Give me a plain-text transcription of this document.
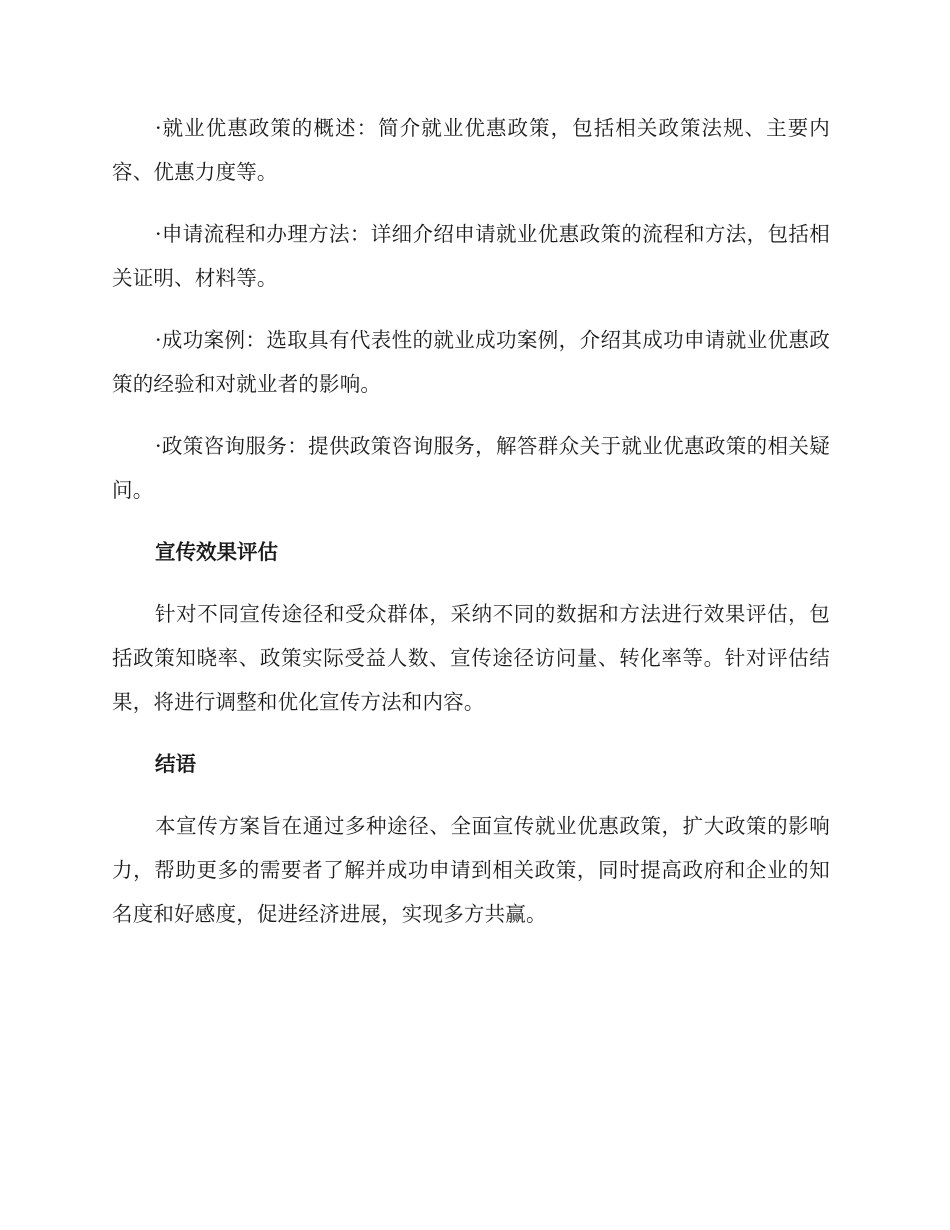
·就业优惠政策的概述：简介就业优惠政策，包括相关政策法规、主要内容、优惠力度等。

·申请流程和办理方法：详细介绍申请就业优惠政策的流程和方法，包括相关证明、材料等。

·成功案例：选取具有代表性的就业成功案例，介绍其成功申请就业优惠政策的经验和对就业者的影响。

·政策咨询服务：提供政策咨询服务，解答群众关于就业优惠政策的相关疑问。

宣传效果评估

针对不同宣传途径和受众群体，采纳不同的数据和方法进行效果评估，包括政策知晓率、政策实际受益人数、宣传途径访问量、转化率等。针对评估结果，将进行调整和优化宣传方法和内容。

结语

本宣传方案旨在通过多种途径、全面宣传就业优惠政策，扩大政策的影响力，帮助更多的需要者了解并成功申请到相关政策，同时提高政府和企业的知名度和好感度，促进经济进展，实现多方共赢。
